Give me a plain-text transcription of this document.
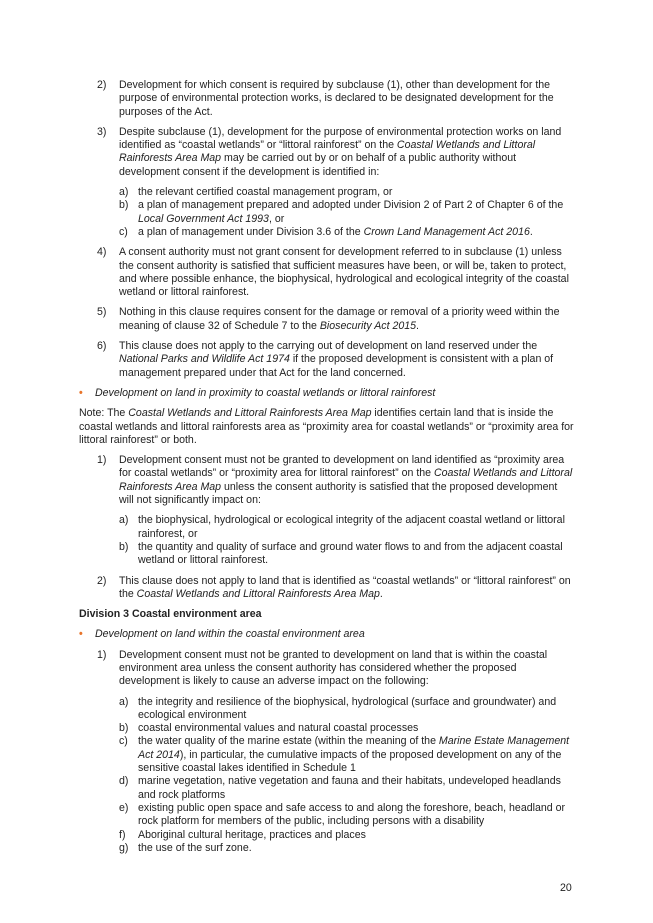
2) Development for which consent is required by subclause (1), other than development for the purpose of environmental protection works, is declared to be designated development for the purposes of the Act.
3) Despite subclause (1), development for the purpose of environmental protection works on land identified as “coastal wetlands” or “littoral rainforest” on the Coastal Wetlands and Littoral Rainforests Area Map may be carried out by or on behalf of a public authority without development consent if the development is identified in:
a) the relevant certified coastal management program, or
b) a plan of management prepared and adopted under Division 2 of Part 2 of Chapter 6 of the Local Government Act 1993, or
c) a plan of management under Division 3.6 of the Crown Land Management Act 2016.
4) A consent authority must not grant consent for development referred to in subclause (1) unless the consent authority is satisfied that sufficient measures have been, or will be, taken to protect, and where possible enhance, the biophysical, hydrological and ecological integrity of the coastal wetland or littoral rainforest.
5) Nothing in this clause requires consent for the damage or removal of a priority weed within the meaning of clause 32 of Schedule 7 to the Biosecurity Act 2015.
6) This clause does not apply to the carrying out of development on land reserved under the National Parks and Wildlife Act 1974 if the proposed development is consistent with a plan of management prepared under that Act for the land concerned.
• Development on land in proximity to coastal wetlands or littoral rainforest
Note: The Coastal Wetlands and Littoral Rainforests Area Map identifies certain land that is inside the coastal wetlands and littoral rainforests area as “proximity area for coastal wetlands” or “proximity area for littoral rainforest” or both.
1) Development consent must not be granted to development on land identified as “proximity area for coastal wetlands” or “proximity area for littoral rainforest” on the Coastal Wetlands and Littoral Rainforests Area Map unless the consent authority is satisfied that the proposed development will not significantly impact on:
a) the biophysical, hydrological or ecological integrity of the adjacent coastal wetland or littoral rainforest, or
b) the quantity and quality of surface and ground water flows to and from the adjacent coastal wetland or littoral rainforest.
2) This clause does not apply to land that is identified as “coastal wetlands” or “littoral rainforest” on the Coastal Wetlands and Littoral Rainforests Area Map.
Division 3 Coastal environment area
• Development on land within the coastal environment area
1) Development consent must not be granted to development on land that is within the coastal environment area unless the consent authority has considered whether the proposed development is likely to cause an adverse impact on the following:
a) the integrity and resilience of the biophysical, hydrological (surface and groundwater) and ecological environment
b) coastal environmental values and natural coastal processes
c) the water quality of the marine estate (within the meaning of the Marine Estate Management Act 2014), in particular, the cumulative impacts of the proposed development on any of the sensitive coastal lakes identified in Schedule 1
d) marine vegetation, native vegetation and fauna and their habitats, undeveloped headlands and rock platforms
e) existing public open space and safe access to and along the foreshore, beach, headland or rock platform for members of the public, including persons with a disability
f) Aboriginal cultural heritage, practices and places
g) the use of the surf zone.
20
